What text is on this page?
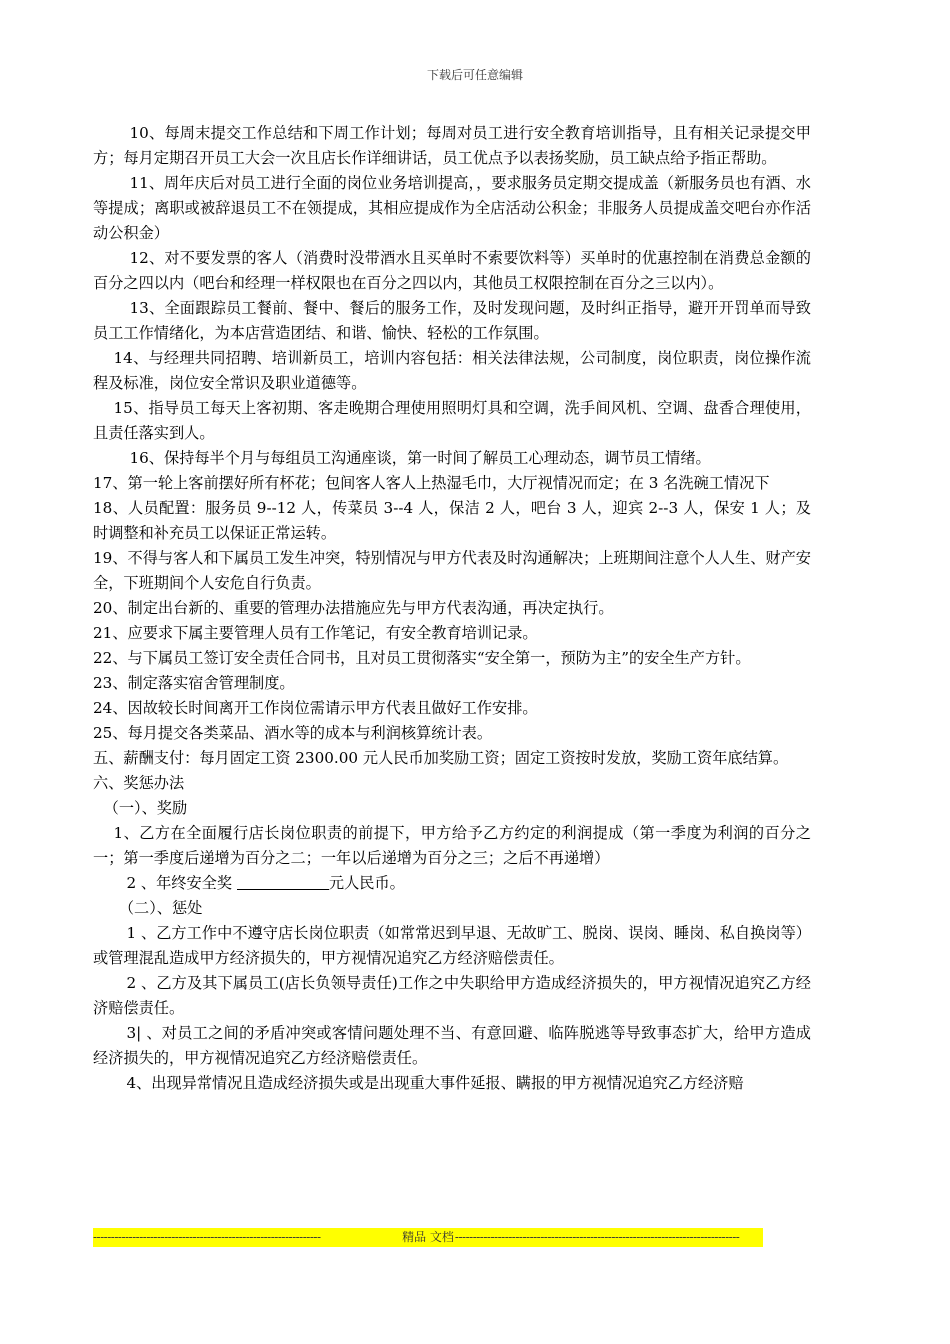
下载后可任意编辑

10、每周末提交工作总结和下周工作计划；每周对员工进行安全教育培训指导，且有相关记录提交甲方；每月定期召开员工大会一次且店长作详细讲话，员工优点予以表扬奖励，员工缺点给予指正帮助。

11、周年庆后对员工进行全面的岗位业务培训提高，，要求服务员定期交提成盖（新服务员也有酒、水等提成；离职或被辞退员工不在领提成，其相应提成作为全店活动公积金；非服务人员提成盖交吧台亦作活动公积金）

12、对不要发票的客人（消费时没带酒水且买单时不索要饮料等）买单时的优惠控制在消费总金额的百分之四以内（吧台和经理一样权限也在百分之四以内，其他员工权限控制在百分之三以内）。

13、全面跟踪员工餐前、餐中、餐后的服务工作，及时发现问题，及时纠正指导，避开开罚单而导致员工工作情绪化，为本店营造团结、和谐、愉快、轻松的工作氛围。

14、与经理共同招聘、培训新员工，培训内容包括：相关法律法规，公司制度，岗位职责，岗位操作流程及标准，岗位安全常识及职业道德等。

15、指导员工每天上客初期、客走晚期合理使用照明灯具和空调，洗手间风机、空调、盘香合理使用，且责任落实到人。

16、保持每半个月与每组员工沟通座谈，第一时间了解员工心理动态，调节员工情绪。

17、第一轮上客前摆好所有杯花；包间客人客人上热湿毛巾，大厅视情况而定；在 3 名洗碗工情况下

18、人员配置：服务员 9--12 人，传菜员 3--4 人，保洁 2 人，吧台 3 人，迎宾 2--3 人，保安 1 人；及时调整和补充员工以保证正常运转。

19、不得与客人和下属员工发生冲突，特别情况与甲方代表及时沟通解决；上班期间注意个人人生、财产安全，下班期间个人安危自行负责。

20、制定出台新的、重要的管理办法措施应先与甲方代表沟通，再决定执行。

21、应要求下属主要管理人员有工作笔记，有安全教育培训记录。

22、与下属员工签订安全责任合同书，且对员工贯彻落实“安全第一，预防为主”的安全生产方针。

23、制定落实宿舍管理制度。

24、因故较长时间离开工作岗位需请示甲方代表且做好工作安排。

25、每月提交各类菜品、酒水等的成本与利润核算统计表。

五、薪酬支付：每月固定工资 2300.00 元人民币加奖励工资；固定工资按时发放，奖励工资年底结算。

六、奖惩办法

（一）、奖励

1、乙方在全面履行店长岗位职责的前提下，甲方给予乙方约定的利润提成（第一季度为利润的百分之一；第一季度后递增为百分之二；一年以后递增为百分之三；之后不再递增）

2 、年终安全奖	元人民币。

（二）、惩处

1 、乙方工作中不遵守店长岗位职责（如常常迟到早退、无故旷工、脱岗、误岗、睡岗、私自换岗等）或管理混乱造成甲方经济损失的，甲方视情况追究乙方经济赔偿责任。

2 、乙方及其下属员工(店长负领导责任)工作之中失职给甲方造成经济损失的，甲方视情况追究乙方经济赔偿责任。

3| 、对员工之间的矛盾冲突或客情问题处理不当、有意回避、临阵脱逃等导致事态扩大，给甲方造成经济损失的，甲方视情况追究乙方经济赔偿责任。

4、出现异常情况且造成经济损失或是出现重大事件延报、瞒报的甲方视情况追究乙方经济赔

----------------------------------------------------------------	精品 文档 --------------------------------------------------------------------------------
